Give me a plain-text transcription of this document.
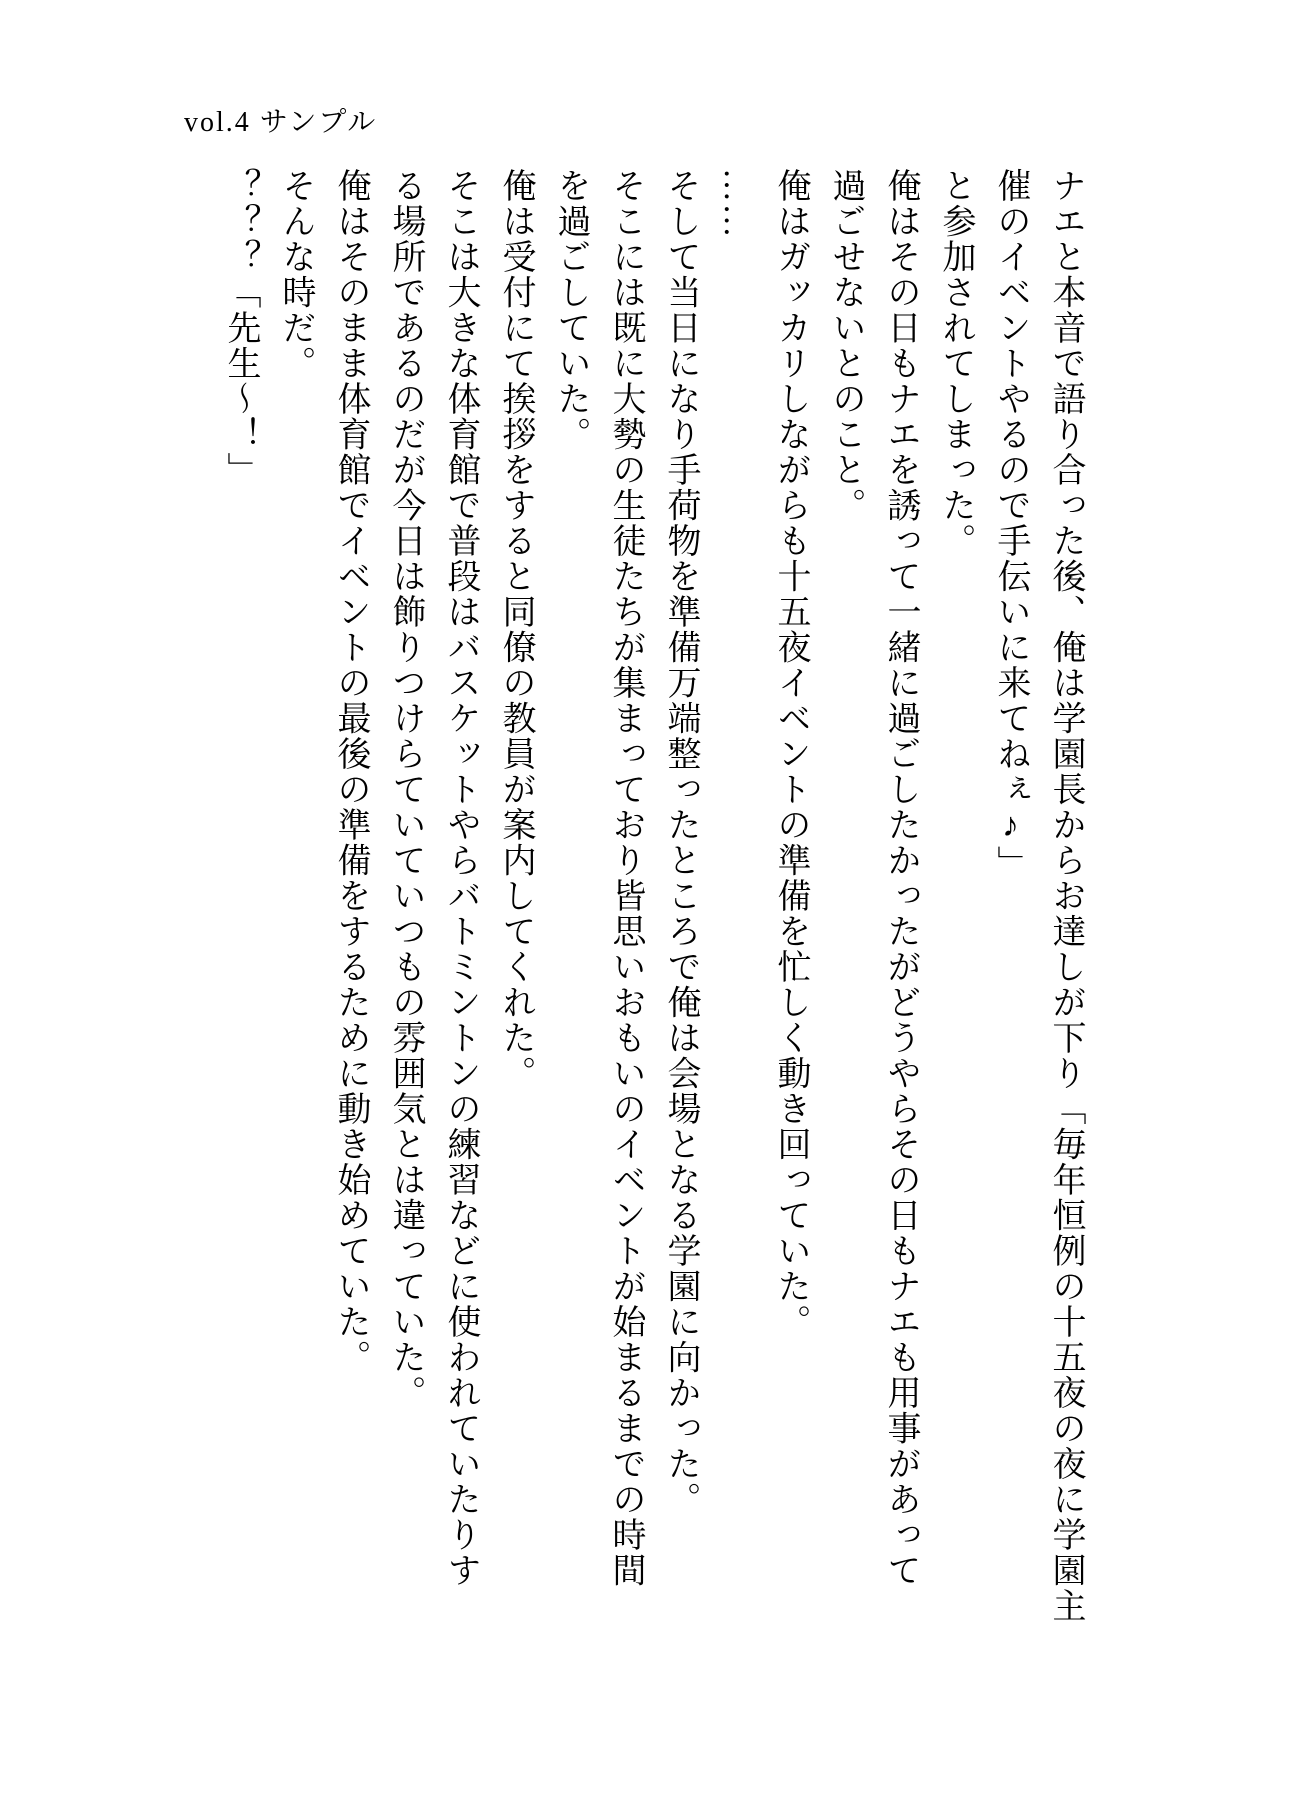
vol.4 サンプル

ナエと本音で語り合った後、俺は学園長からお達しが下り「毎年恒例の十五夜の夜に学園主

催のイベントやるので手伝いに来てねぇ♪」

と参加されてしまった。

俺はその日もナエを誘って一緒に過ごしたかったがどうやらその日もナエも用事があって

過ごせないとのこと。

俺はガッカリしながらも十五夜イベントの準備を忙しく動き回っていた。

……

そして当日になり手荷物を準備万端整ったところで俺は会場となる学園に向かった。

そこには既に大勢の生徒たちが集まっており皆思いおもいのイベントが始まるまでの時間

を過ごしていた。

俺は受付にて挨拶をすると同僚の教員が案内してくれた。

そこは大きな体育館で普段はバスケットやらバトミントンの練習などに使われていたりす

る場所であるのだが今日は飾りつけらていていつもの雰囲気とは違っていた。

俺はそのまま体育館でイベントの最後の準備をするために動き始めていた。

そんな時だ。

？？？「先生～！」
